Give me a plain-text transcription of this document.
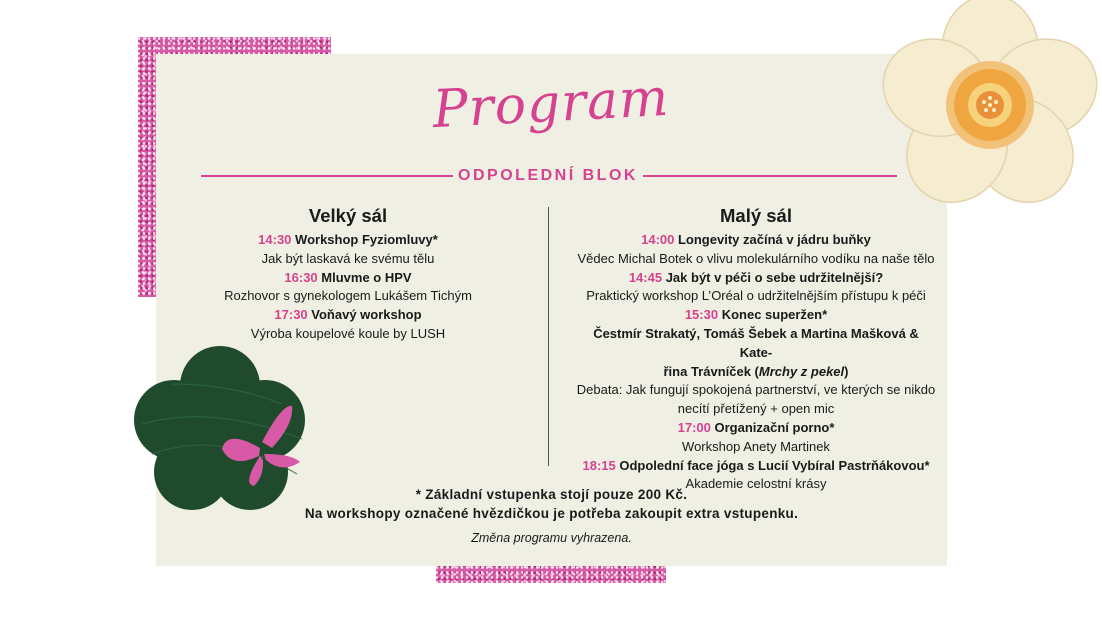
Program
ODPOLEDNÍ BLOK
Velký sál
14:30 Workshop Fyziomluvy*
Jak být laskavá ke svému tělu
16:30 Mluvme o HPV
Rozhovor s gynekologem Lukášem Tichým
17:30 Voňavý workshop
Výroba koupelové koule by LUSH
Malý sál
14:00 Longevity začíná v jádru buňky
Vědec Michal Botek o vlivu molekulárního vodíku na naše tělo
14:45 Jak být v péči o sebe udržitelnější?
Praktický workshop L’Oréal o udržitelnějším přístupu k péči
15:30 Konec superžen*
Čestmír Strakatý, Tomáš Šebek a Martina Mašková & Kate-
řina Trávníček (Mrchy z pekel)
Debata: Jak fungují spokojená partnerství, ve kterých se nikdo
necítí přetížený + open mic
17:00 Organizační porno*
Workshop Anety Martinek
18:15 Odpolední face jóga s Lucií Vybíral Pastrňákovou*
Akademie celostní krásy
* Základní vstupenka stojí pouze 200 Kč.
Na workshopy označené hvězdičkou je potřeba zakoupit extra vstupenku.
Změna programu vyhrazena.
